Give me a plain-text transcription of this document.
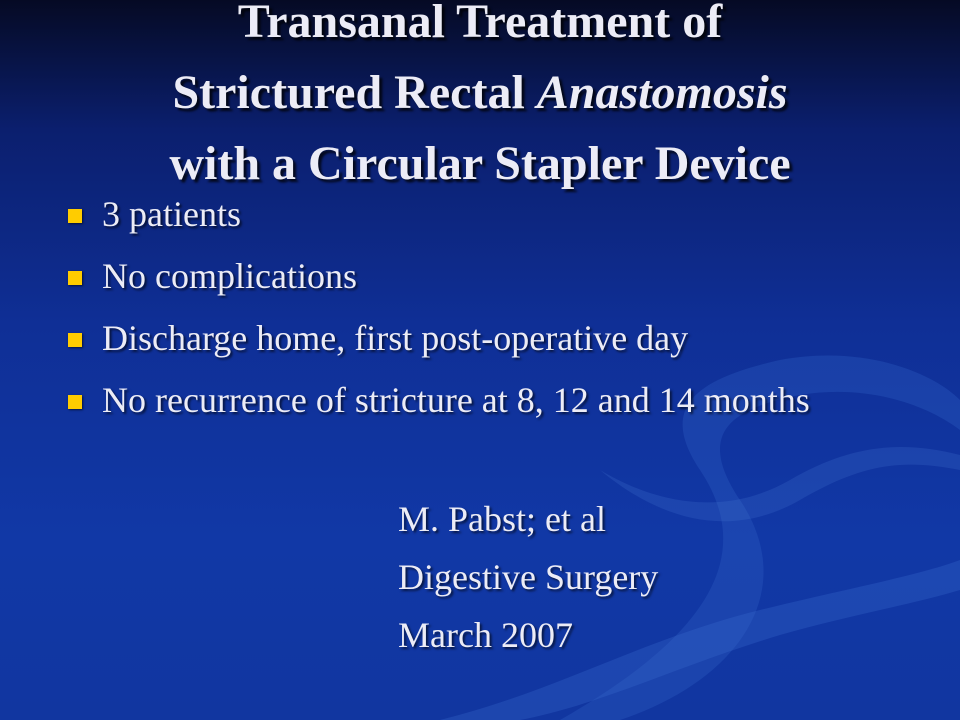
Transanal Treatment of
Strictured Rectal Anastomosis
with a Circular Stapler Device
3 patients
No complications
Discharge home, first post-operative day
No recurrence of stricture at 8, 12 and 14 months
M. Pabst; et al
Digestive Surgery
March 2007
